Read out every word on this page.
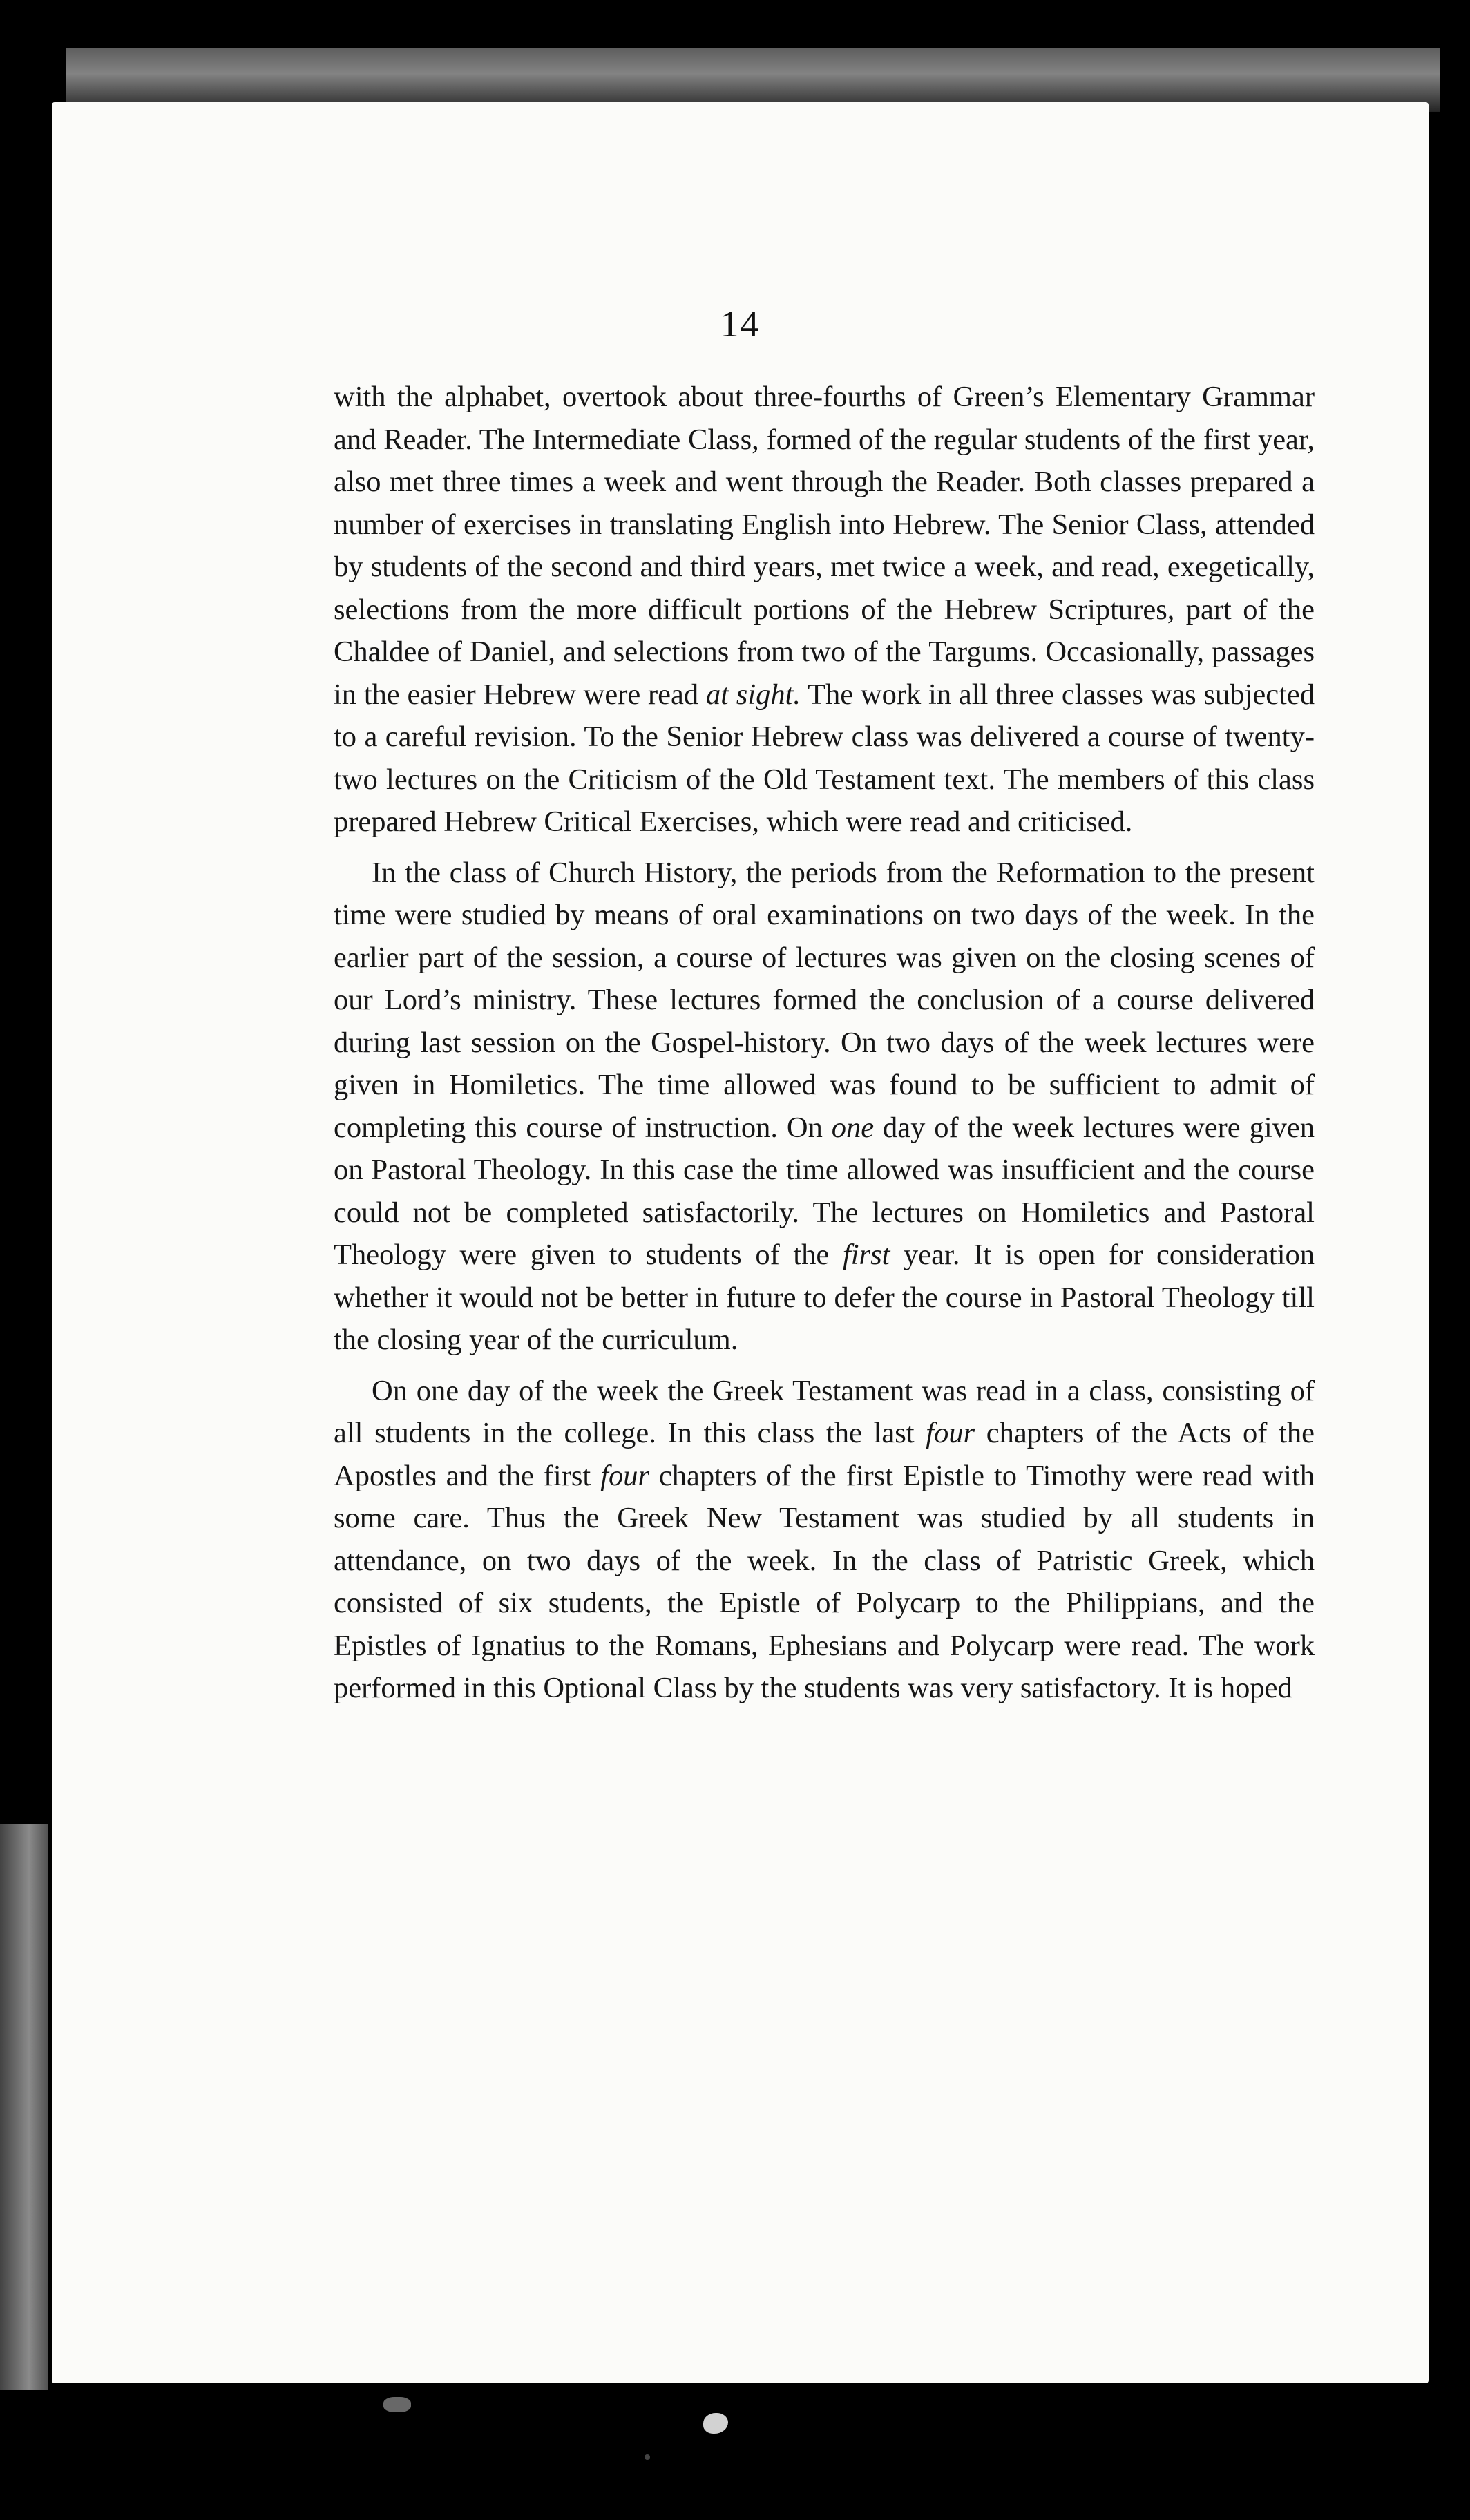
14

with the alphabet, overtook about three-fourths of Green’s Elementary Grammar and Reader. The Intermediate Class, formed of the regular students of the first year, also met three times a week and went through the Reader. Both classes prepared a number of exercises in translating English into Hebrew. The Senior Class, attended by students of the second and third years, met twice a week, and read, exegetically, selections from the more difficult portions of the Hebrew Scriptures, part of the Chaldee of Daniel, and selections from two of the Targums. Occasionally, passages in the easier Hebrew were read at sight. The work in all three classes was subjected to a careful revision. To the Senior Hebrew class was delivered a course of twenty-two lectures on the Criticism of the Old Testament text. The members of this class prepared Hebrew Critical Exercises, which were read and criticised.

In the class of Church History, the periods from the Reformation to the present time were studied by means of oral examinations on two days of the week. In the earlier part of the session, a course of lectures was given on the closing scenes of our Lord’s ministry. These lectures formed the conclusion of a course delivered during last session on the Gospel-history. On two days of the week lectures were given in Homiletics. The time allowed was found to be sufficient to admit of completing this course of instruction. On one day of the week lectures were given on Pastoral Theology. In this case the time allowed was insufficient and the course could not be completed satisfactorily. The lectures on Homiletics and Pastoral Theology were given to students of the first year. It is open for consideration whether it would not be better in future to defer the course in Pastoral Theology till the closing year of the curriculum.

On one day of the week the Greek Testament was read in a class, consisting of all students in the college. In this class the last four chapters of the Acts of the Apostles and the first four chapters of the first Epistle to Timothy were read with some care. Thus the Greek New Testament was studied by all students in attendance, on two days of the week. In the class of Patristic Greek, which consisted of six students, the Epistle of Polycarp to the Philippians, and the Epistles of Ignatius to the Romans, Ephesians and Polycarp were read. The work performed in this Optional Class by the students was very satisfactory. It is hoped
